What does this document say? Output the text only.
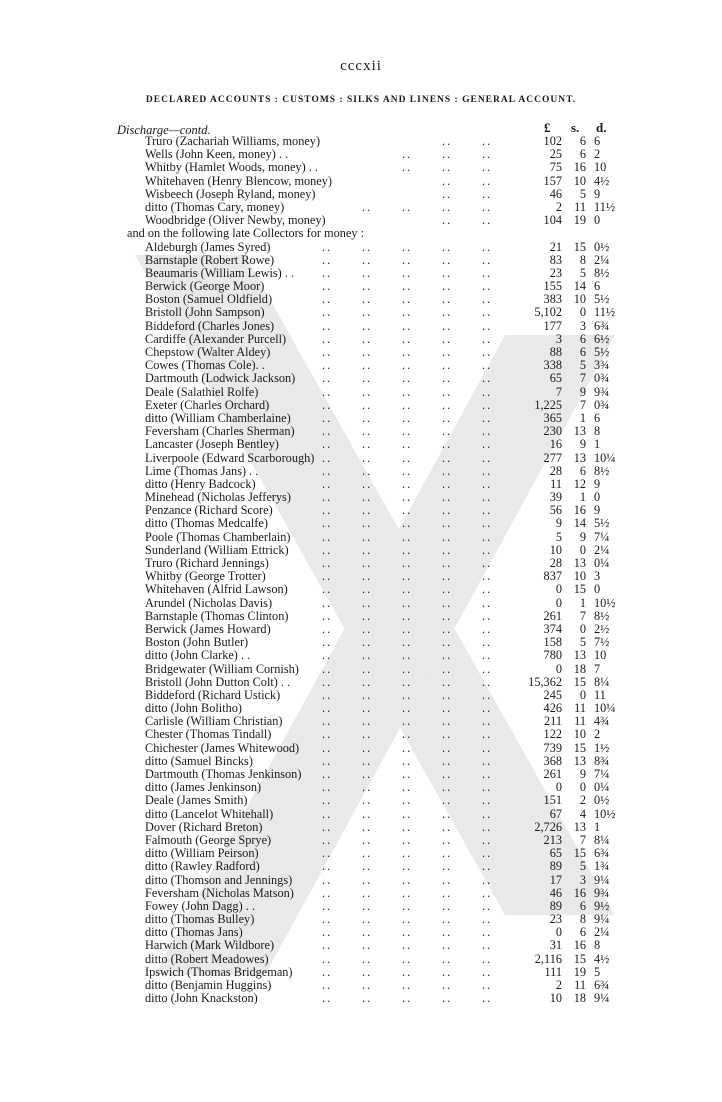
cccxii
DECLARED ACCOUNTS : CUSTOMS : SILKS AND LINENS : GENERAL ACCOUNT.
Discharge—contd.	£ s. d.
Truro (Zachariah Williams, money)	.. ..	102 6 6
Wells (John Keen, money) . .	.. .. ..	25 6 2
Whitby (Hamlet Woods, money) . .	.. .. ..	75 16 10
Whitehaven (Henry Blencow, money)	.. ..	157 10 4½
Wisbeech (Joseph Ryland, money)	.. ..	46 5 9
ditto (Thomas Cary, money)	.. .. .. ..	2 11 11½
Woodbridge (Oliver Newby, money)	.. ..	104 19 0
and on the following late Collectors for money :
Aldeburgh (James Syred)	.. .. .. .. ..	21 15 0½
Barnstaple (Robert Rowe)	.. .. .. .. ..	83 8 2¼
Beaumaris (William Lewis) . . .. .. .. .. ..	23 5 8½
Berwick (George Moor)	.. .. .. .. ..	155 14 6
Boston (Samuel Oldfield)	.. .. .. .. ..	383 10 5½
Bristoll (John Sampson)	.. .. .. .. ..	5,102 0 11½
Biddeford (Charles Jones)	.. .. .. .. ..	177 3 6¾
Cardiffe (Alexander Purcell)	.. .. .. .. ..	3 6 6½
Chepstow (Walter Aldey)	.. .. .. .. ..	88 6 5½
Cowes (Thomas Cole). .	.. .. .. .. ..	338 5 3¾
Dartmouth (Lodwick Jackson) .. .. .. .. ..	65 7 0¾
Deale (Salathiel Rolfe)	.. .. .. .. ..	7 9 9¾
Exeter (Charles Orchard)	.. .. .. .. ..	1,225 7 0¾
ditto (William Chamberlaine)	.. .. .. .. ..	365 1 6
Feversham (Charles Sherman) .. .. .. .. ..	230 13 8
Lancaster (Joseph Bentley)	.. .. .. .. ..	16 9 1
Liverpoole (Edward Scarborough) .. .. .. .. ..	277 13 10¼
Lime (Thomas Jans) . .	.. .. .. .. ..	28 6 8½
ditto (Henry Badcock)	.. .. .. .. ..	11 12 9
Minehead (Nicholas Jefferys)	.. .. .. .. ..	39 1 0
Penzance (Richard Score)	.. .. .. .. ..	56 16 9
ditto (Thomas Medcalfe)	.. .. .. .. ..	9 14 5½
Poole (Thomas Chamberlain)	.. .. .. .. ..	5 9 7¼
Sunderland (William Ettrick)	.. .. .. .. ..	10 0 2¼
Truro (Richard Jennings)	.. .. .. .. ..	28 13 0¼
Whitby (George Trotter)	.. .. .. .. ..	837 10 3
Whitehaven (Alfrid Lawson)	.. .. .. .. ..	0 15 0
Arundel (Nicholas Davis)	.. .. .. .. ..	0 1 10½
Barnstaple (Thomas Clinton)	.. .. .. .. ..	261 7 8½
Berwick (James Howard)	.. .. .. .. ..	374 0 2½
Boston (John Butler)	.. .. .. .. ..	158 5 7½
ditto (John Clarke) . .	.. .. .. .. ..	780 13 10
Bridgewater (William Cornish) .. .. .. .. ..	0 18 7
Bristoll (John Dutton Colt) . .	.. .. .. .. ..	15,362 15 8¼
Biddeford (Richard Ustick)	.. .. .. .. ..	245 0 11
ditto (John Bolitho)	.. .. .. .. ..	426 11 10¼
Carlisle (William Christian)	.. .. .. .. ..	211 11 4¾
Chester (Thomas Tindall)	.. .. .. .. ..	122 10 2
Chichester (James Whitewood) .. .. .. .. ..	739 15 1½
ditto (Samuel Bincks)	.. .. .. .. ..	368 13 8¾
Dartmouth (Thomas Jenkinson) .. .. .. .. ..	261 9 7¼
ditto (James Jenkinson)	.. .. .. .. ..	0 0 0¼
Deale (James Smith)	.. .. .. .. ..	151 2 0½
ditto (Lancelot Whitehall)	.. .. .. .. ..	67 4 10½
Dover (Richard Breton)	.. .. .. .. ..	2,726 13 1
Falmouth (George Sprye)	.. .. .. .. ..	213 7 8¼
ditto (William Peirson)	.. .. .. .. ..	65 15 6¾
ditto (Rawley Radford)	.. .. .. .. ..	89 5 1¾
ditto (Thomson and Jennings) .. .. .. .. ..	17 3 9¼
Feversham (Nicholas Matson) .. .. .. .. ..	46 16 9¾
Fowey (John Dagg) . .	.. .. .. .. ..	89 6 9½
ditto (Thomas Bulley)	.. .. .. .. ..	23 8 9¼
ditto (Thomas Jans)	.. .. .. .. ..	0 6 2¼
Harwich (Mark Wildbore)	.. .. .. .. ..	31 16 8
ditto (Robert Meadowes)	.. .. .. .. ..	2,116 15 4½
Ipswich (Thomas Bridgeman) .. .. .. .. ..	111 19 5
ditto (Benjamin Huggins)	.. .. .. .. ..	2 11 6¾
ditto (John Knackston)	.. .. .. .. ..	10 18 9¼
